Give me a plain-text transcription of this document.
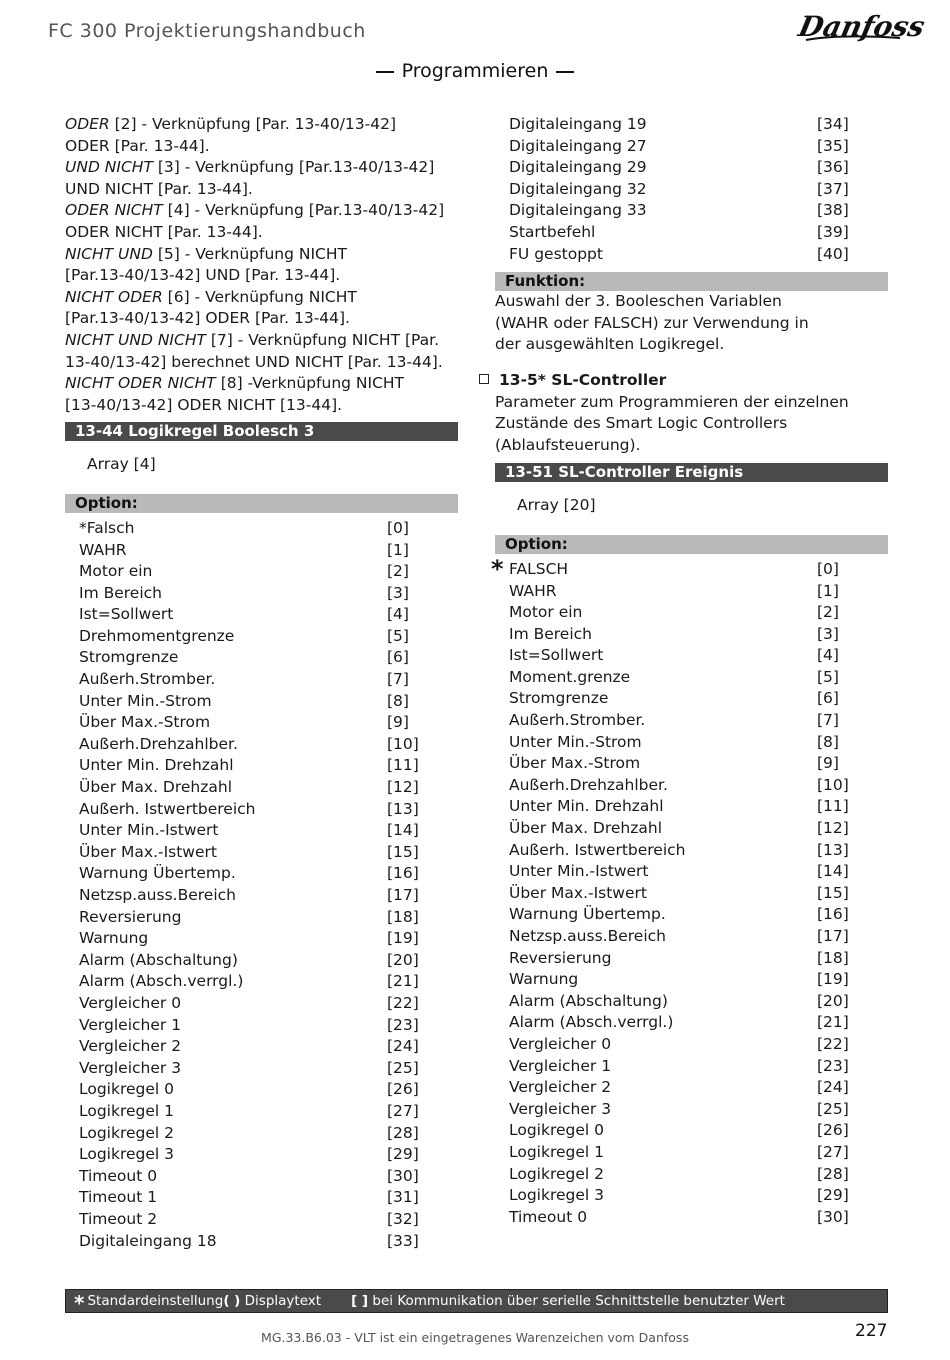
FC 300 Projektierungshandbuch	Danfoss
Programmieren
ODER [2] - Verknüpfung [Par. 13-40/13-42]
ODER [Par. 13-44].
UND NICHT [3] - Verknüpfung [Par.13-40/13-42]
UND NICHT [Par. 13-44].
ODER NICHT [4] - Verknüpfung [Par.13-40/13-42]
ODER NICHT [Par. 13-44].
NICHT UND [5] - Verknüpfung NICHT
[Par.13-40/13-42] UND [Par. 13-44].
NICHT ODER [6] - Verknüpfung NICHT
[Par.13-40/13-42] ODER [Par. 13-44].
NICHT UND NICHT [7] - Verknüpfung NICHT [Par.
13-40/13-42] berechnet UND NICHT [Par. 13-44].
NICHT ODER NICHT [8] -Verknüpfung NICHT
[13-40/13-42] ODER NICHT [13-44].
13-44 Logikregel Boolesch 3
Array [4]
Option:
*Falsch	[0]
WAHR	[1]
Motor ein	[2]
Im Bereich	[3]
Ist=Sollwert	[4]
Drehmomentgrenze	[5]
Stromgrenze	[6]
Außerh.Stromber.	[7]
Unter Min.-Strom	[8]
Über Max.-Strom	[9]
Außerh.Drehzahlber.	[10]
Unter Min. Drehzahl	[11]
Über Max. Drehzahl	[12]
Außerh. Istwertbereich	[13]
Unter Min.-Istwert	[14]
Über Max.-Istwert	[15]
Warnung Übertemp.	[16]
Netzsp.auss.Bereich	[17]
Reversierung	[18]
Warnung	[19]
Alarm (Abschaltung)	[20]
Alarm (Absch.verrgl.)	[21]
Vergleicher 0	[22]
Vergleicher 1	[23]
Vergleicher 2	[24]
Vergleicher 3	[25]
Logikregel 0	[26]
Logikregel 1	[27]
Logikregel 2	[28]
Logikregel 3	[29]
Timeout 0	[30]
Timeout 1	[31]
Timeout 2	[32]
Digitaleingang 18	[33]
Digitaleingang 19	[34]
Digitaleingang 27	[35]
Digitaleingang 29	[36]
Digitaleingang 32	[37]
Digitaleingang 33	[38]
Startbefehl	[39]
FU gestoppt	[40]
Funktion:
Auswahl der 3. Booleschen Variablen
(WAHR oder FALSCH) zur Verwendung in
der ausgewählten Logikregel.
13-5* SL-Controller
Parameter zum Programmieren der einzelnen
Zustände des Smart Logic Controllers
(Ablaufsteuerung).
13-51 SL-Controller Ereignis
Array [20]
Option:
* FALSCH	[0]
WAHR	[1]
Motor ein	[2]
Im Bereich	[3]
Ist=Sollwert	[4]
Moment.grenze	[5]
Stromgrenze	[6]
Außerh.Stromber.	[7]
Unter Min.-Strom	[8]
Über Max.-Strom	[9]
Außerh.Drehzahlber.	[10]
Unter Min. Drehzahl	[11]
Über Max. Drehzahl	[12]
Außerh. Istwertbereich	[13]
Unter Min.-Istwert	[14]
Über Max.-Istwert	[15]
Warnung Übertemp.	[16]
Netzsp.auss.Bereich	[17]
Reversierung	[18]
Warnung	[19]
Alarm (Abschaltung)	[20]
Alarm (Absch.verrgl.)	[21]
Vergleicher 0	[22]
Vergleicher 1	[23]
Vergleicher 2	[24]
Vergleicher 3	[25]
Logikregel 0	[26]
Logikregel 1	[27]
Logikregel 2	[28]
Logikregel 3	[29]
Timeout 0	[30]
* Standardeinstellung( ) Displaytext [ ] bei Kommunikation über serielle Schnittstelle benutzter Wert
MG.33.B6.03 - VLT ist ein eingetragenes Warenzeichen vom Danfoss	227
